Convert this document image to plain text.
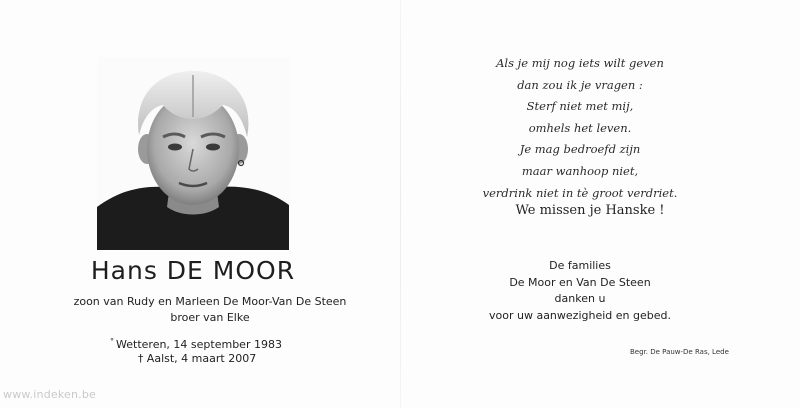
Hans DE MOOR
zoon van Rudy en Marleen De Moor-Van De Steen
broer van Elke
° Wetteren, 14 september 1983
† Aalst, 4 maart 2007
Als je mij nog iets wilt geven
dan zou ik je vragen :
Sterf niet met mij,
omhels het leven.
Je mag bedroefd zijn
maar wanhoop niet,
verdrink niet in tè groot verdriet.
We missen je Hanske !
De families
De Moor en Van De Steen
danken u
voor uw aanwezigheid en gebed.
Begr. De Pauw-De Ras, Lede
www.indeken.be
